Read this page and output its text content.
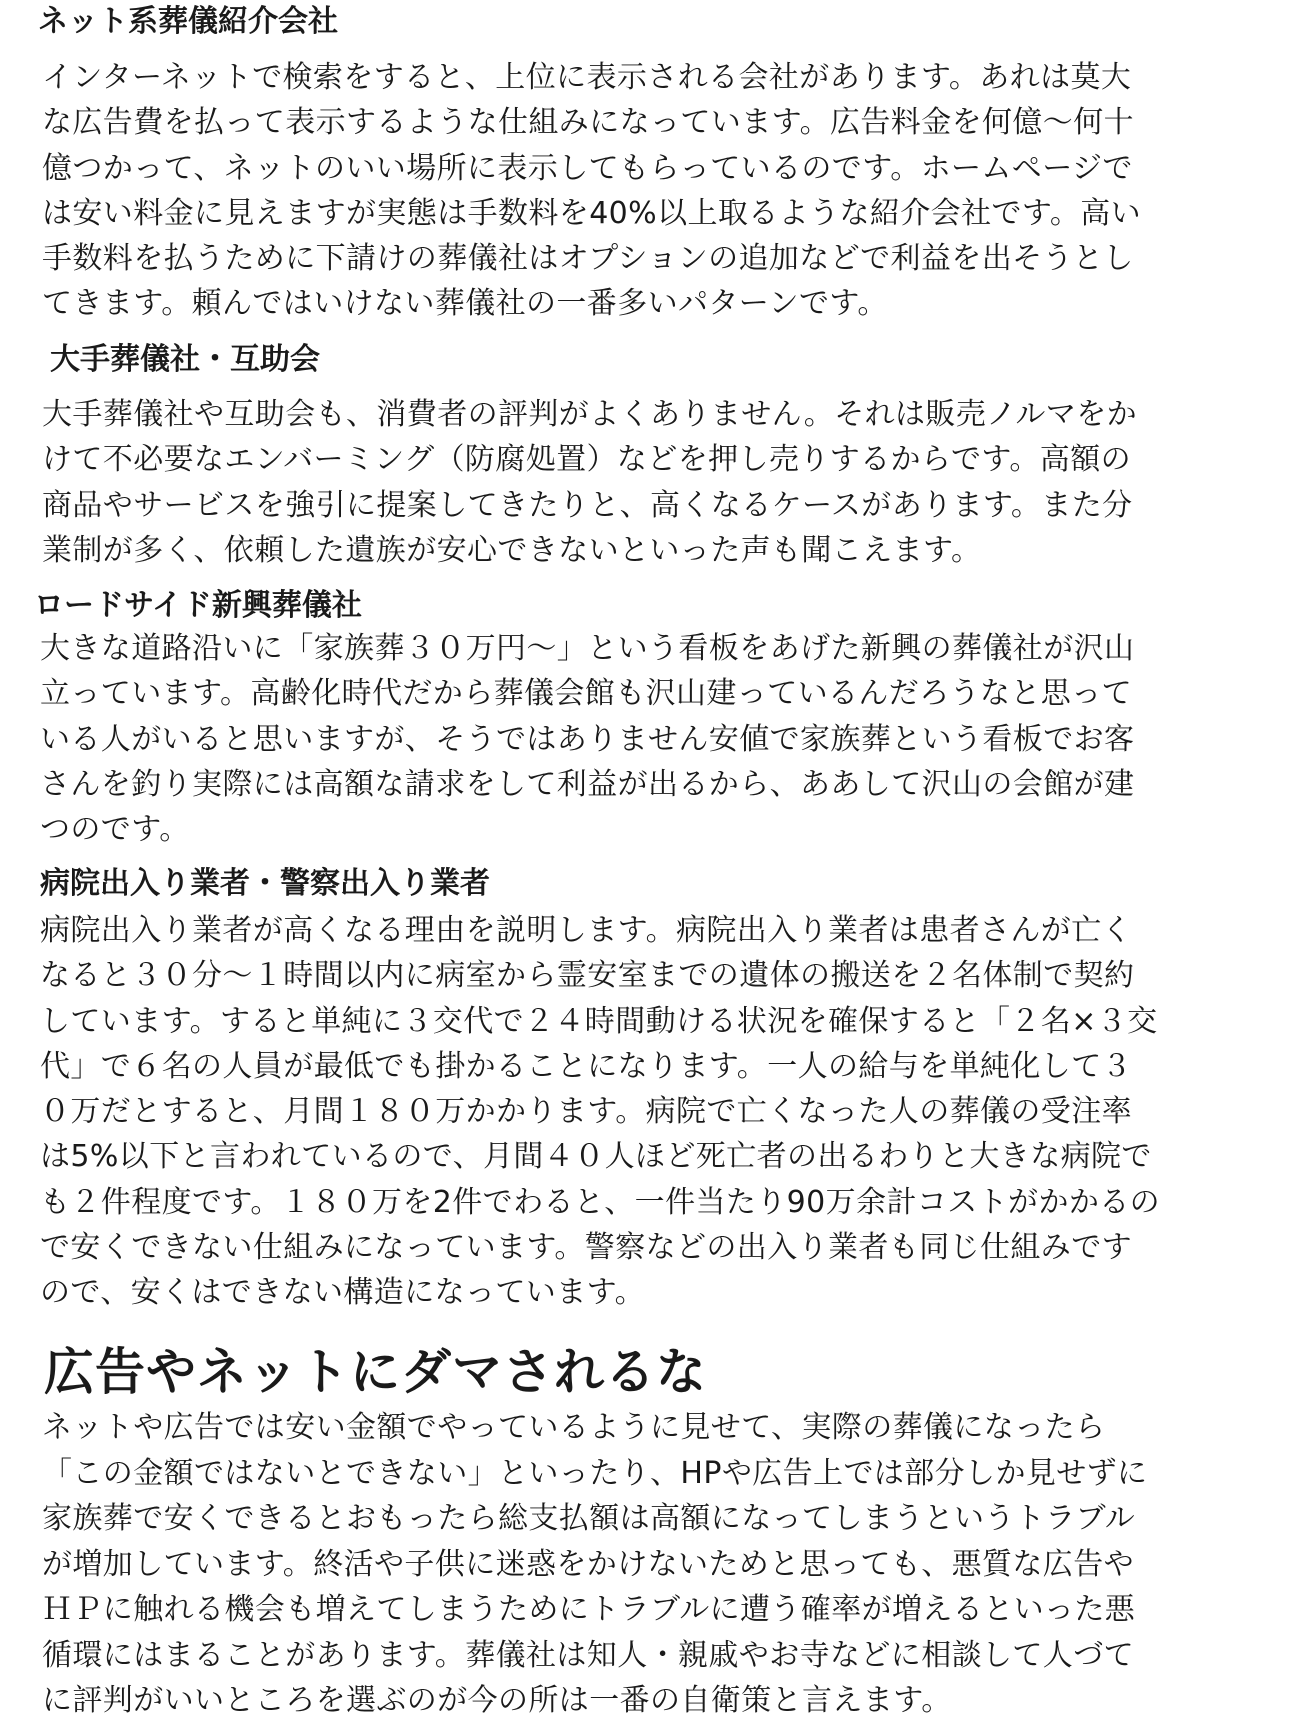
ネット系葬儀紹介会社
インターネットで検索をすると、上位に表示される会社があります。あれは莫大
な広告費を払って表示するような仕組みになっています。広告料金を何億～何十
億つかって、ネットのいい場所に表示してもらっているのです。ホームページで
は安い料金に見えますが実態は手数料を40%以上取るような紹介会社です。高い
手数料を払うために下請けの葬儀社はオプションの追加などで利益を出そうとし
てきます。頼んではいけない葬儀社の一番多いパターンです。
大手葬儀社・互助会
大手葬儀社や互助会も、消費者の評判がよくありません。それは販売ノルマをか
けて不必要なエンバーミング（防腐処置）などを押し売りするからです。高額の
商品やサービスを強引に提案してきたりと、高くなるケースがあります。また分
業制が多く、依頼した遺族が安心できないといった声も聞こえます。
ロードサイド新興葬儀社
大きな道路沿いに「家族葬３０万円～」という看板をあげた新興の葬儀社が沢山
立っています。高齢化時代だから葬儀会館も沢山建っているんだろうなと思って
いる人がいると思いますが、そうではありません安値で家族葬という看板でお客
さんを釣り実際には高額な請求をして利益が出るから、ああして沢山の会館が建
つのです。
病院出入り業者・警察出入り業者
病院出入り業者が高くなる理由を説明します。病院出入り業者は患者さんが亡く
なると３０分～１時間以内に病室から霊安室までの遺体の搬送を２名体制で契約
しています。すると単純に３交代で２４時間動ける状況を確保すると「２名×３交
代」で６名の人員が最低でも掛かることになります。一人の給与を単純化して３
０万だとすると、月間１８０万かかります。病院で亡くなった人の葬儀の受注率
は5%以下と言われているので、月間４０人ほど死亡者の出るわりと大きな病院で
も２件程度です。１８０万を2件でわると、一件当たり90万余計コストがかかるの
で安くできない仕組みになっています。警察などの出入り業者も同じ仕組みです
ので、安くはできない構造になっています。
広告やネットにダマされるな
ネットや広告では安い金額でやっているように見せて、実際の葬儀になったら
「この金額ではないとできない」といったり、HPや広告上では部分しか見せずに
家族葬で安くできるとおもったら総支払額は高額になってしまうというトラブル
が増加しています。終活や子供に迷惑をかけないためと思っても、悪質な広告や
ＨＰに触れる機会も増えてしまうためにトラブルに遭う確率が増えるといった悪
循環にはまることがあります。葬儀社は知人・親戚やお寺などに相談して人づて
に評判がいいところを選ぶのが今の所は一番の自衛策と言えます。
